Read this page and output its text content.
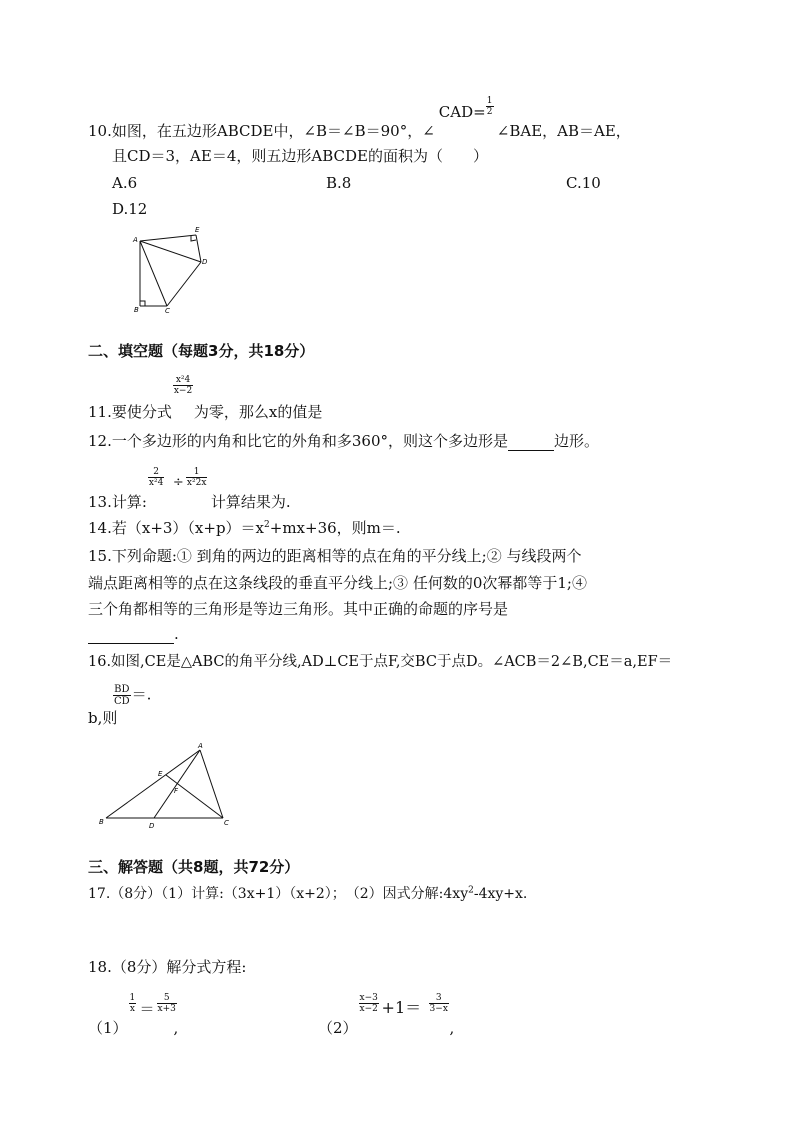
10.如图，在五边形ABCDE中，∠B＝∠B＝90°，∠
$CAD= \frac{1}{2}$
∠BAE，AB＝AE，
且CD＝3，AE＝4，则五边形ABCDE的面积为（　　）
A.6	B.8	C.10
D.12
A
B	C
D
E
二、填空题（每题3分，共18分）
11.要使分式
$\frac{\text{x²4}}{x-2}$
为零，那么x的值是
12.一个多边形的内角和比它的外角和多360°，则这个多边形是	边形。
13.计算:
$\frac{2}{\text{x²4}} \div \frac{1}{\text{x²2x}}$
计算结果为.
14.若$(x+3)(x+p)=x^2+mx+36$，则m＝.
15.下列命题:① 到角的两边的距离相等的点在角的平分线上;② 与线段两个
端点距离相等的点在这条线段的垂直平分线上;③ 任何数的0次幂都等于1;④
三个角都相等的三角形是等边三角形。其中正确的命题的序号是
.
16.如图,CE是△ABC的角平分线,AD⊥CE于点F,交BC于点D。∠ACB＝2∠B,CE＝a,EF＝
$\frac{BD}{CD}$ ＝.
b,则
A
B	C
D
E
F
三、解答题（共8题，共72分）
17.（8分）（1）计算:（3x+1）（x+2）；　（2）因式分解$:4xy^2-4xy+x$.
18.（8分）解分式方程:
（1）
$\frac{1}{x} = \frac{5}{x+3}$
,	（2）
$\frac{x-3}{x-2} +1= \frac{3}{3-x}$
,
